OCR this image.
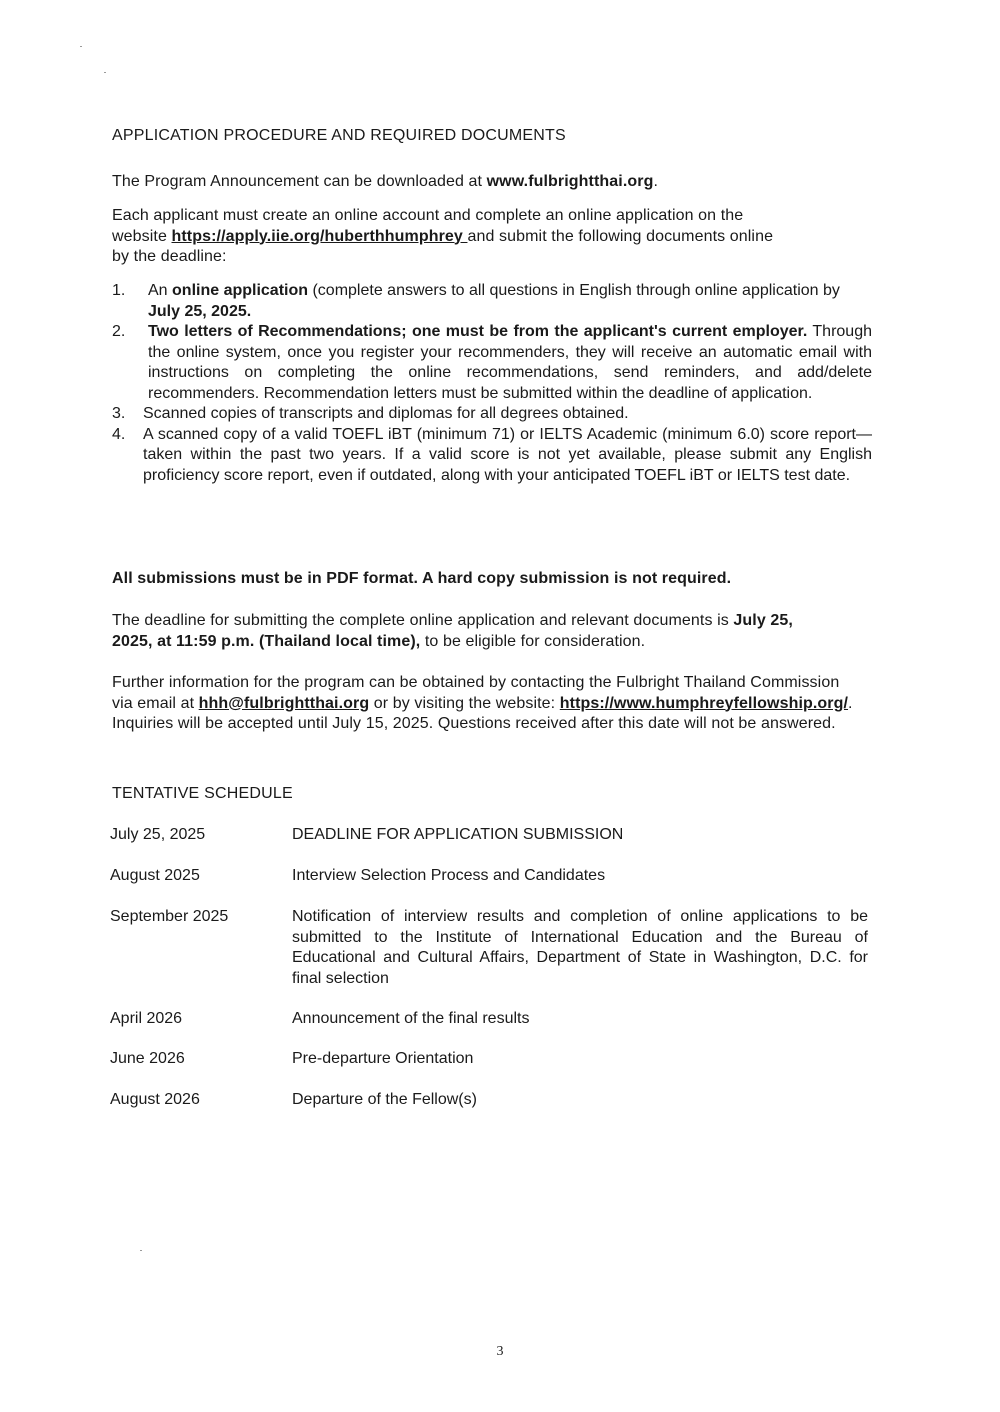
APPLICATION PROCEDURE AND REQUIRED DOCUMENTS
The Program Announcement can be downloaded at www.fulbrightthai.org.
Each applicant must create an online account and complete an online application on the website https://apply.iie.org/huberthhumphrey and submit the following documents online by the deadline:
1. An online application (complete answers to all questions in English through online application by July 25, 2025.
2. Two letters of Recommendations; one must be from the applicant's current employer. Through the online system, once you register your recommenders, they will receive an automatic email with instructions on completing the online recommendations, send reminders, and add/delete recommenders. Recommendation letters must be submitted within the deadline of application.
3. Scanned copies of transcripts and diplomas for all degrees obtained.
4. A scanned copy of a valid TOEFL iBT (minimum 71) or IELTS Academic (minimum 6.0) score report—taken within the past two years. If a valid score is not yet available, please submit any English proficiency score report, even if outdated, along with your anticipated TOEFL iBT or IELTS test date.
All submissions must be in PDF format. A hard copy submission is not required.
The deadline for submitting the complete online application and relevant documents is July 25, 2025, at 11:59 p.m. (Thailand local time), to be eligible for consideration.
Further information for the program can be obtained by contacting the Fulbright Thailand Commission via email at hhh@fulbrightthai.org or by visiting the website: https://www.humphreyfellowship.org/. Inquiries will be accepted until July 15, 2025. Questions received after this date will not be answered.
TENTATIVE SCHEDULE
July 25, 2025	DEADLINE FOR APPLICATION SUBMISSION
August 2025	Interview Selection Process and Candidates
September 2025	Notification of interview results and completion of online applications to be submitted to the Institute of International Education and the Bureau of Educational and Cultural Affairs, Department of State in Washington, D.C. for final selection
April 2026	Announcement of the final results
June 2026	Pre-departure Orientation
August 2026	Departure of the Fellow(s)
3
